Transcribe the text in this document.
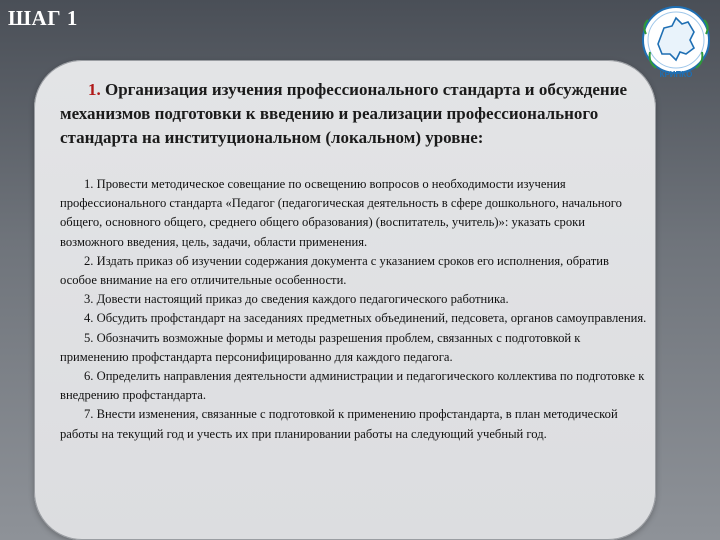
ШАГ 1
КРИПКО
1. Организация изучения профессионального стандарта и обсуждение механизмов подготовки к введению и реализации профессионального стандарта на институциональном (локальном) уровне:

1. Провести методическое совещание по освещению вопросов о необходимости изучения профессионального стандарта «Педагог (педагогическая деятельность в сфере дошкольного, начального общего, основного общего, среднего общего образования) (воспитатель, учитель)»: указать сроки возможного введения, цель, задачи, области применения.

2. Издать приказ об изучении содержания документа с указанием сроков его исполнения, обратив особое внимание на его отличительные особенности.

3. Довести настоящий приказ до сведения каждого педагогического работника.

4. Обсудить профстандарт на заседаниях предметных объединений, педсовета, органов самоуправления.

5. Обозначить возможные формы и методы разрешения проблем, связанных с подготовкой к применению профстандарта персонифицированно для каждого педагога.

6. Определить направления деятельности администрации и педагогического коллектива по подготовке к внедрению профстандарта.

7. Внести изменения, связанные с подготовкой к применению профстандарта, в план методической работы на текущий год и учесть их при планировании работы на следующий учебный год.
